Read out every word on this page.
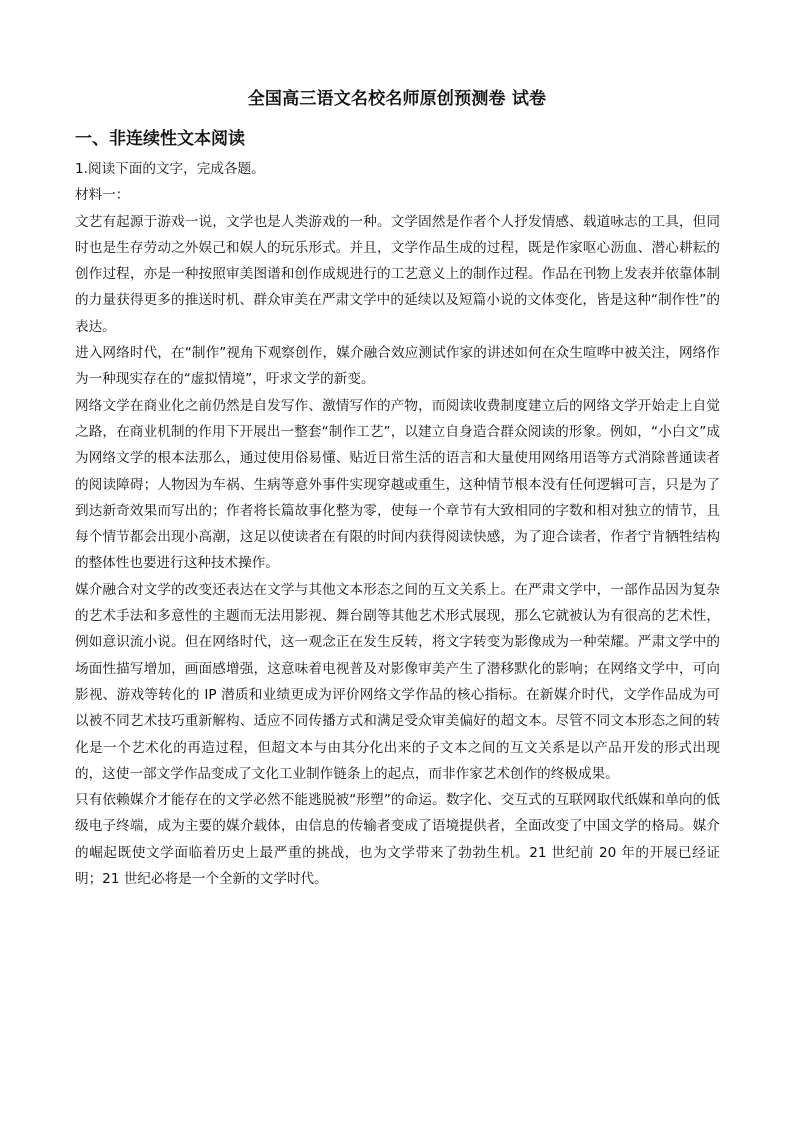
全国高三语文名校名师原创预测卷 试卷
一、非连续性文本阅读

1.阅读下面的文字，完成各题。

材料一：

文艺有起源于游戏一说，文学也是人类游戏的一种。文学固然是作者个人抒发情感、载道咏志的工具，但同时也是生存劳动之外娱己和娱人的玩乐形式。并且，文学作品生成的过程，既是作家呕心沥血、潜心耕耘的创作过程，亦是一种按照审美图谱和创作成规进行的工艺意义上的制作过程。作品在刊物上发表并依靠体制的力量获得更多的推送时机、群众审美在严肃文学中的延续以及短篇小说的文体变化，皆是这种“制作性”的表达。

进入网络时代，在“制作”视角下观察创作，媒介融合效应测试作家的讲述如何在众生喧哗中被关注，网络作为一种现实存在的“虚拟情境”，吁求文学的新变。

网络文学在商业化之前仍然是自发写作、激情写作的产物，而阅读收费制度建立后的网络文学开始走上自觉之路，在商业机制的作用下开展出一整套“制作工艺”，以建立自身造合群众阅读的形象。例如，“小白文”成为网络文学的根本法那么，通过使用俗易懂、贴近日常生活的语言和大量使用网络用语等方式消除普通读者的阅读障碍；人物因为车祸、生病等意外事件实现穿越或重生，这种情节根本没有任何逻辑可言，只是为了到达新奇效果而写出的；作者将长篇故事化整为零，使每一个章节有大致相同的字数和相对独立的情节，且每个情节都会出现小高潮，这足以使读者在有限的时间内获得阅读快感，为了迎合读者，作者宁肯牺牲结构的整体性也要进行这种技术操作。

媒介融合对文学的改变还表达在文学与其他文本形态之间的互文关系上。在严肃文学中，一部作品因为复杂的艺术手法和多意性的主题而无法用影视、舞台剧等其他艺术形式展现，那么它就被认为有很高的艺术性，例如意识流小说。但在网络时代，这一观念正在发生反转，将文字转变为影像成为一种荣耀。严肃文学中的场面性描写增加，画面感增强，这意味着电视普及对影像审美产生了潜移默化的影响；在网络文学中，可向影视、游戏等转化的 IP 潜质和业绩更成为评价网络文学作品的核心指标。在新媒介时代，文学作品成为可以被不同艺术技巧重新解构、适应不同传播方式和满足受众审美偏好的超文本。尽管不同文本形态之间的转化是一个艺术化的再造过程，但超文本与由其分化出来的子文本之间的互文关系是以产品开发的形式出现的，这使一部文学作品变成了文化工业制作链条上的起点，而非作家艺术创作的终极成果。

只有依赖媒介才能存在的文学必然不能逃脱被“形塑”的命运。数字化、交互式的互联网取代纸媒和单向的低级电子终端，成为主要的媒介载体，由信息的传输者变成了语境提供者，全面改变了中国文学的格局。媒介的崛起既使文学面临着历史上最严重的挑战，也为文学带来了勃勃生机。21 世纪前 20 年的开展已经证明；21 世纪必将是一个全新的文学时代。
